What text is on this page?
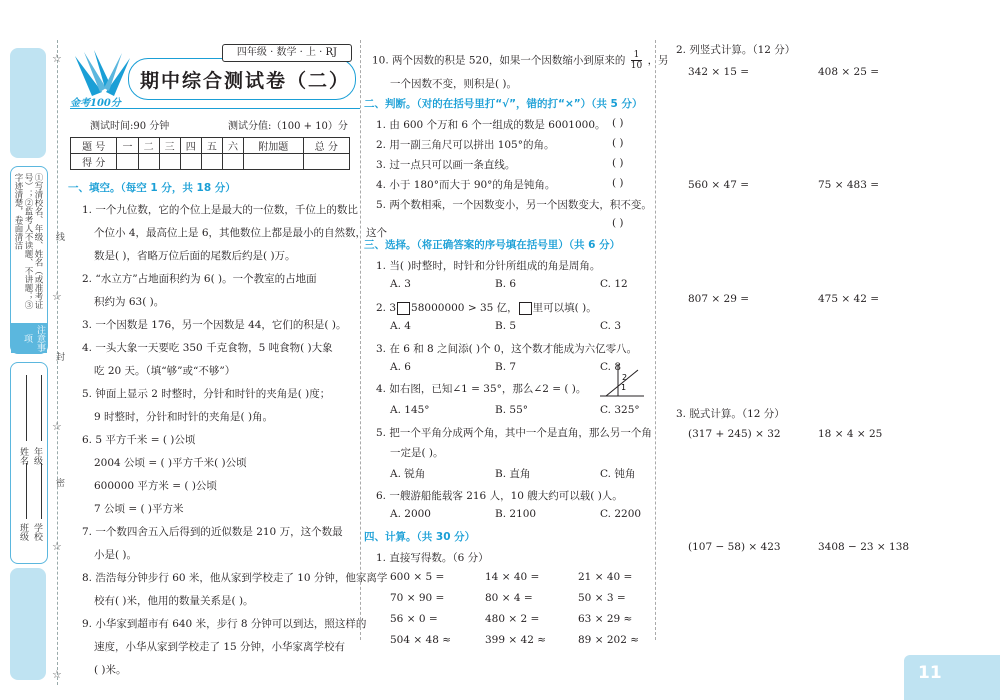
①写清校名、年级、姓名（或准考证号）；②监考人不读题、不讲题；③字迹清楚，卷面清洁
注意事项
年级
学校
姓名
班级
☆
☆
☆
☆
☆
线
封
密
金考100分
四年级 · 数学 · 上 · RJ
期中综合测试卷（二）
测试时间:90 分钟	测试分值:（100 + 10）分
题 号	一	二	三	四	五	六	附加题	总 分
得 分								
一、填空。（每空 1 分，共 18 分）
1. 一个九位数，它的个位上是最大的一位数，千位上的数比
个位小 4，最高位上是 6，其他数位上都是最小的自然数，这个
数是( )，省略万位后面的尾数后约是( )万。
2. “水立方”占地面积约为 6( )。一个教室的占地面
积约为 63( )。
3. 一个因数是 176，另一个因数是 44，它们的积是( )。
4. 一头大象一天要吃 350 千克食物，5 吨食物( )大象
吃 20 天。（填“够”或“不够”）
5. 钟面上显示 2 时整时，分针和时针的夹角是( )度；
9 时整时，分针和时针的夹角是( )角。
6. 5 平方千米 = ( )公顷
2004 公顷 = ( )平方千米( )公顷
600000 平方米 = ( )公顷
7 公顷 = ( )平方米
7. 一个数四舍五入后得到的近似数是 210 万，这个数最
小是( )。
8. 浩浩每分钟步行 60 米，他从家到学校走了 10 分钟，他家离学
校有( )米，他用的数量关系是( )。
9. 小华家到超市有 640 米，步行 8 分钟可以到达，照这样的
速度，小华从家到学校走了 15 分钟，小华家离学校有
( )米。
10. 两个因数的积是 520，如果一个因数缩小到原来的 $\frac{1}{10}$ ，另
一个因数不变，则积是( )。
二、判断。（对的在括号里打“√”，错的打“×”）（共 5 分）
1. 由 600 个万和 6 个一组成的数是 6001000。 ( )
2. 用一副三角尺可以拼出 105°的角。	( )
3. 过一点只可以画一条直线。	( )
4. 小于 180°而大于 90°的角是钝角。	( )
5. 两个数相乘，一个因数变小，另一个因数变大，积不变。
( )
三、选择。（将正确答案的序号填在括号里）（共 6 分）
1. 当( )时整时，时针和分针所组成的角是周角。
A. 3	B. 6	C. 12
2. 3 58000000 > 35 亿， 里可以填( )。
A. 4	B. 5	C. 3
3. 在 6 和 8 之间添( )个 0，这个数才能成为六亿零八。
A. 6	B. 7	C. 8
4. 如右图，已知∠1 = 35°，那么∠2 = ( )。	1
2
A. 145°	B. 55°	C. 325°
5. 把一个平角分成两个角，其中一个是直角，那么另一个角
一定是( )。
A. 锐角	B. 直角	C. 钝角
6. 一艘游船能载客 216 人，10 艘大约可以载( )人。
A. 2000	B. 2100	C. 2200
四、计算。（共 30 分）
1. 直接写得数。（6 分）
600 × 5 =	14 × 40 =	21 × 40 =
70 × 90 =	80 × 4 =	50 × 3 =
56 × 0 =	480 × 2 =	63 × 29 ≈
504 × 48 ≈	399 × 42 ≈	89 × 202 ≈
2. 列竖式计算。（12 分）
342 × 15 =	408 × 25 =
560 × 47 =	75 × 483 =
807 × 29 =	475 × 42 =
3. 脱式计算。（12 分）
(317 + 245) × 32	18 × 4 × 25
(107 − 58) × 423	3408 − 23 × 138
11
